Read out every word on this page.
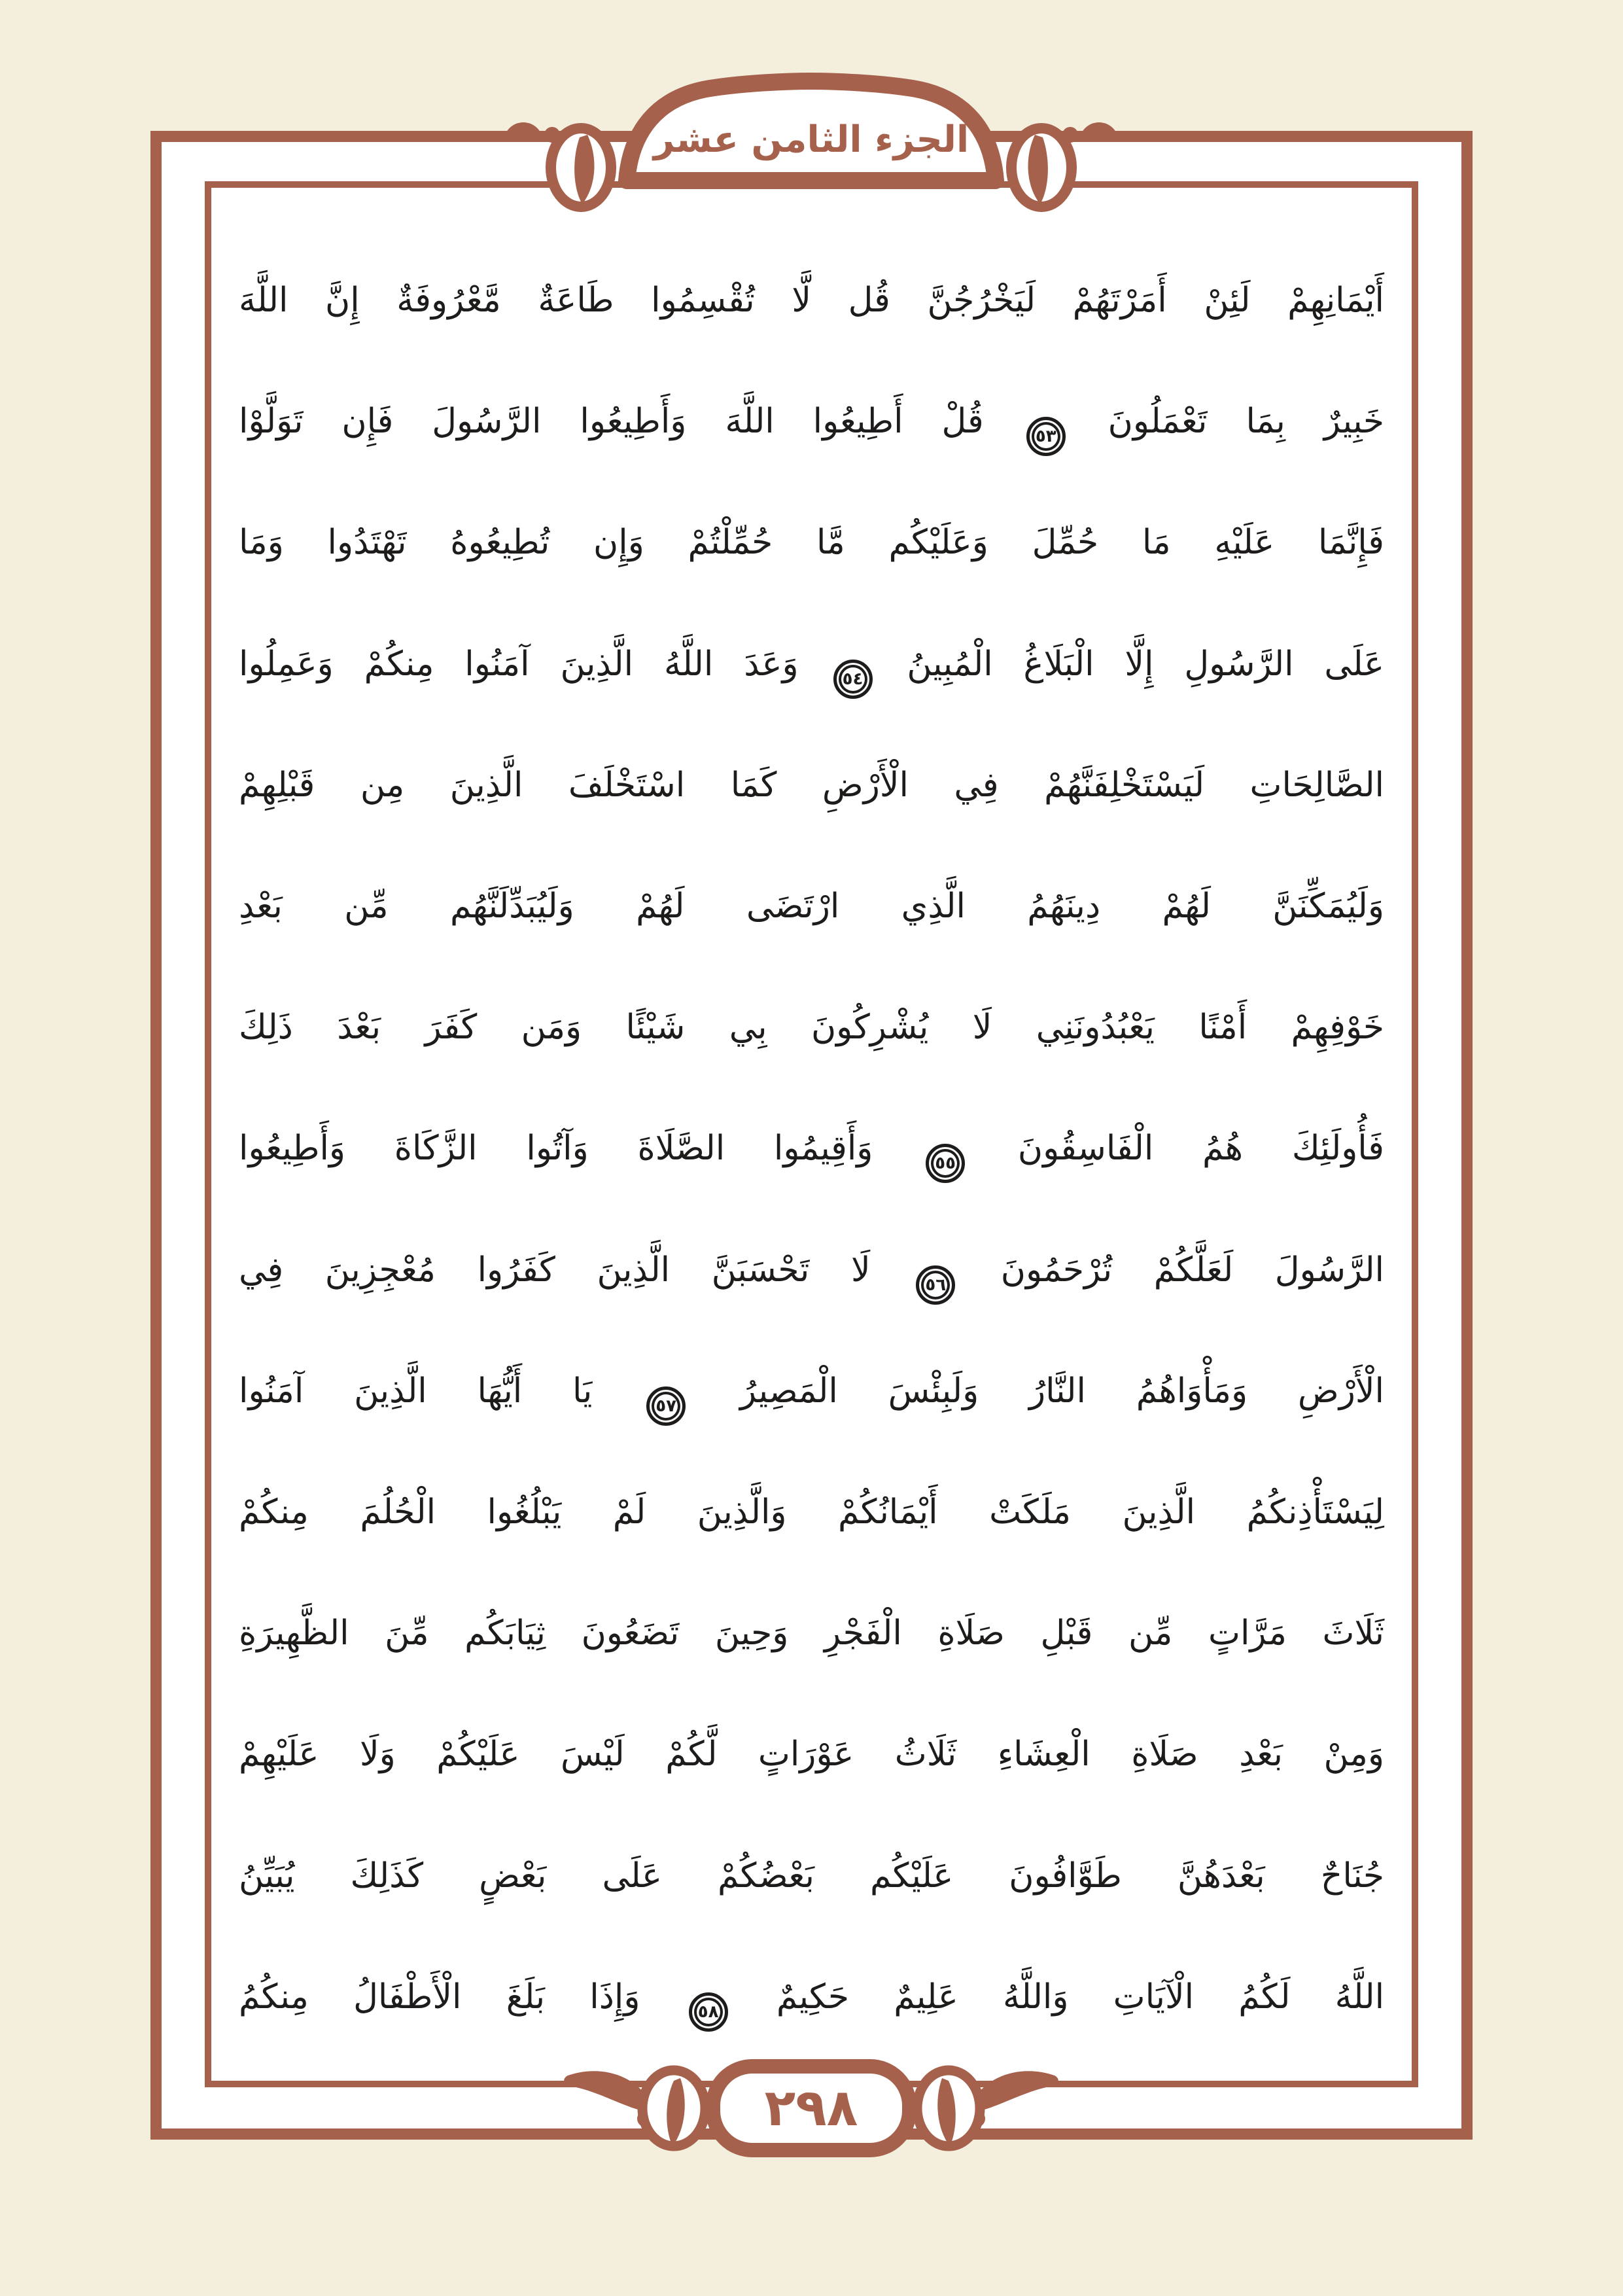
الجزء الثامن عشر
أَيْمَانِهِمْ لَئِنْ أَمَرْتَهُمْ لَيَخْرُجُنَّ قُل لَّا تُقْسِمُوا طَاعَةٌ مَّعْرُوفَةٌ إِنَّ اللَّهَ
خَبِيرٌ بِمَا تَعْمَلُونَ
٥٣
قُلْ أَطِيعُوا اللَّهَ وَأَطِيعُوا الرَّسُولَ فَإِن تَوَلَّوْا
فَإِنَّمَا عَلَيْهِ مَا حُمِّلَ وَعَلَيْكُم مَّا حُمِّلْتُمْ وَإِن تُطِيعُوهُ تَهْتَدُوا وَمَا
عَلَى الرَّسُولِ إِلَّا الْبَلَاغُ الْمُبِينُ
٥٤
وَعَدَ اللَّهُ الَّذِينَ آمَنُوا مِنكُمْ وَعَمِلُوا
الصَّالِحَاتِ لَيَسْتَخْلِفَنَّهُمْ فِي الْأَرْضِ كَمَا اسْتَخْلَفَ الَّذِينَ مِن قَبْلِهِمْ
وَلَيُمَكِّنَنَّ لَهُمْ دِينَهُمُ الَّذِي ارْتَضَى لَهُمْ وَلَيُبَدِّلَنَّهُم مِّن بَعْدِ
خَوْفِهِمْ أَمْنًا يَعْبُدُونَنِي لَا يُشْرِكُونَ بِي شَيْئًا وَمَن كَفَرَ بَعْدَ ذَلِكَ
فَأُولَئِكَ هُمُ الْفَاسِقُونَ
٥٥
وَأَقِيمُوا الصَّلَاةَ وَآتُوا الزَّكَاةَ وَأَطِيعُوا
الرَّسُولَ لَعَلَّكُمْ تُرْحَمُونَ
٥٦
لَا تَحْسَبَنَّ الَّذِينَ كَفَرُوا مُعْجِزِينَ فِي
الْأَرْضِ وَمَأْوَاهُمُ النَّارُ وَلَبِئْسَ الْمَصِيرُ
٥٧
يَا أَيُّهَا الَّذِينَ آمَنُوا
لِيَسْتَأْذِنكُمُ الَّذِينَ مَلَكَتْ أَيْمَانُكُمْ وَالَّذِينَ لَمْ يَبْلُغُوا الْحُلُمَ مِنكُمْ
ثَلَاثَ مَرَّاتٍ مِّن قَبْلِ صَلَاةِ الْفَجْرِ وَحِينَ تَضَعُونَ ثِيَابَكُم مِّنَ الظَّهِيرَةِ
وَمِنْ بَعْدِ صَلَاةِ الْعِشَاءِ ثَلَاثُ عَوْرَاتٍ لَّكُمْ لَيْسَ عَلَيْكُمْ وَلَا عَلَيْهِمْ
جُنَاحٌ بَعْدَهُنَّ طَوَّافُونَ عَلَيْكُم بَعْضُكُمْ عَلَى بَعْضٍ كَذَلِكَ يُبَيِّنُ
اللَّهُ لَكُمُ الْآيَاتِ وَاللَّهُ عَلِيمٌ حَكِيمٌ
٥٨
وَإِذَا بَلَغَ الْأَطْفَالُ مِنكُمُ
٢٩٨
